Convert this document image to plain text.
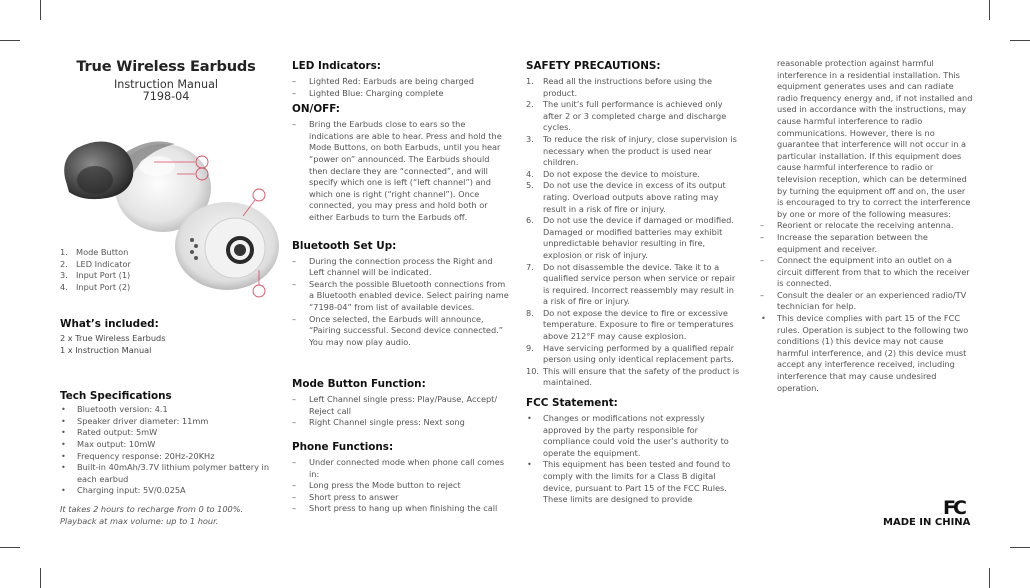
True Wireless Earbuds
Instruction Manual
7198-04
1. Mode Button
2. LED Indicator
3. Input Port (1)
4. Input Port (2)
What’s included:
2 x True Wireless Earbuds
1 x Instruction Manual
Tech Specifications
• Bluetooth version: 4.1
• Speaker driver diameter: 11mm
• Rated output: 5mW
• Max output: 10mW
• Frequency response: 20Hz-20KHz
• Built-in 40mAh/3.7V lithium polymer battery in each earbud
• Charging input: 5V/0.025A
It takes 2 hours to recharge from 0 to 100%. Playback at max volume: up to 1 hour.
LED Indicators:
– Lighted Red: Earbuds are being charged
– Lighted Blue: Charging complete
ON/OFF:
– Bring the Earbuds close to ears so the indications are able to hear. Press and hold the Mode Buttons, on both Earbuds, until you hear “power on” announced. The Earbuds should then declare they are “connected”, and will specify which one is left (“left channel”) and which one is right (“right channel”). Once connected, you may press and hold both or either Earbuds to turn the Earbuds off.
Bluetooth Set Up:
– During the connection process the Right and Left channel will be indicated.
– Search the possible Bluetooth connections from a Bluetooth enabled device. Select pairing name “7198-04” from list of available devices.
– Once selected, the Earbuds will announce, “Pairing successful. Second device connected.” You may now play audio.
Mode Button Function:
– Left Channel single press: Play/Pause, Accept/ Reject call
– Right Channel single press: Next song
Phone Functions:
– Under connected mode when phone call comes in:
– Long press the Mode button to reject
– Short press to answer
– Short press to hang up when finishing the call
SAFETY PRECAUTIONS:
1. Read all the instructions before using the product.
2. The unit’s full performance is achieved only after 2 or 3 completed charge and discharge cycles.
3. To reduce the risk of injury, close supervision is necessary when the product is used near children.
4. Do not expose the device to moisture.
5. Do not use the device in excess of its output rating. Overload outputs above rating may result in a risk of fire or injury.
6. Do not use the device if damaged or modified. Damaged or modified batteries may exhibit unpredictable behavior resulting in fire, explosion or risk of injury.
7. Do not disassemble the device. Take it to a qualified service person when service or repair is required. Incorrect reassembly may result in a risk of fire or injury.
8. Do not expose the device to fire or excessive temperature. Exposure to fire or temperatures above 212°F may cause explosion.
9. Have servicing performed by a qualified repair person using only identical replacement parts.
10. This will ensure that the safety of the product is maintained.
FCC Statement:
• Changes or modifications not expressly approved by the party responsible for compliance could void the user’s authority to operate the equipment.
• This equipment has been tested and found to comply with the limits for a Class B digital device, pursuant to Part 15 of the FCC Rules. These limits are designed to provide
reasonable protection against harmful interference in a residential installation. This equipment generates uses and can radiate radio frequency energy and, if not installed and used in accordance with the instructions, may cause harmful interference to radio communications. However, there is no guarantee that interference will not occur in a particular installation. If this equipment does cause harmful interference to radio or television reception, which can be determined by turning the equipment off and on, the user is encouraged to try to correct the interference by one or more of the following measures:
– Reorient or relocate the receiving antenna.
– Increase the separation between the equipment and receiver.
– Connect the equipment into an outlet on a circuit different from that to which the receiver is connected.
– Consult the dealer or an experienced radio/TV technician for help.
• This device complies with part 15 of the FCC rules. Operation is subject to the following two conditions (1) this device may not cause harmful interference, and (2) this device must accept any interference received, including interference that may cause undesired operation.
FC
MADE IN CHINA
